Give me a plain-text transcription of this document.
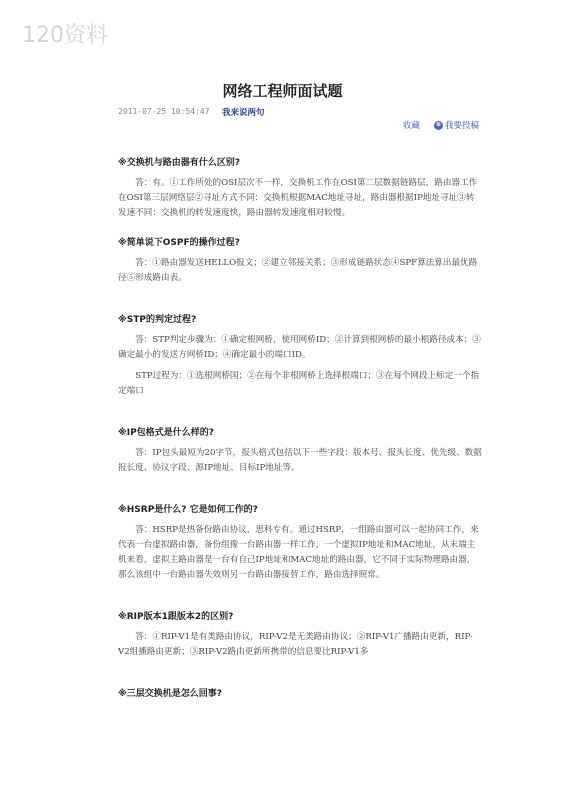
120资料
网络工程师面试题
2011-07-25 10:54:47 我来说两句
收藏	我要投稿

※交换机与路由器有什么区别?

答：有。①工作所处的OSI层次不一样，交换机工作在OSI第二层数据链路层，路由器工作在OSI第三层网络层②寻址方式不同：交换机根据MAC地址寻址，路由器根据IP地址寻址③转发速不同：交换机的转发速度快，路由器转发速度相对较慢。

※简单说下OSPF的操作过程?

答：①路由器发送HELLO报文；②建立邻接关系；③形成链路状态④SPF算法算出最优路径⑤形成路由表。

※STP的判定过程?

答：STP判定步骤为：①确定根网桥，使用网桥ID；②计算到根网桥的最小根路径成本；③确定最小的发送方网桥ID；④确定最小的端口ID。

STP过程为：①选根网桥国；②在每个非根网桥上选择根端口；③在每个网段上标定一个指定端口

※IP包格式是什么样的?

答：IP包头最短为20字节，报头格式包括以下一些字段：版本号、报头长度、优先级、数据报长度、协议字段、源IP地址、目标IP地址等。

※HSRP是什么? 它是如何工作的?

答：HSRP是热备份路由协议，思科专有。通过HSRP，一组路由器可以一起协同工作，来代表一台虚拟路由器，备份组像一台路由器一样工作，一个虚拟IP地址和MAC地址，从末端主机来看，虚拟主路由器是一台有自己IP地址和MAC地址的路由器，它不同于实际物理路由器，那么该组中一台路由器失效则另一台路由器接替工作，路由选择照常。

※RIP版本1跟版本2的区别?

答：①RIP-V1是有类路由协议，RIP-V2是无类路由协议；②RIP-V1广播路由更新，RIP-V2组播路由更新；③RIP-V2路由更新所携带的信息要比RIP-V1多

※三层交换机是怎么回事?
